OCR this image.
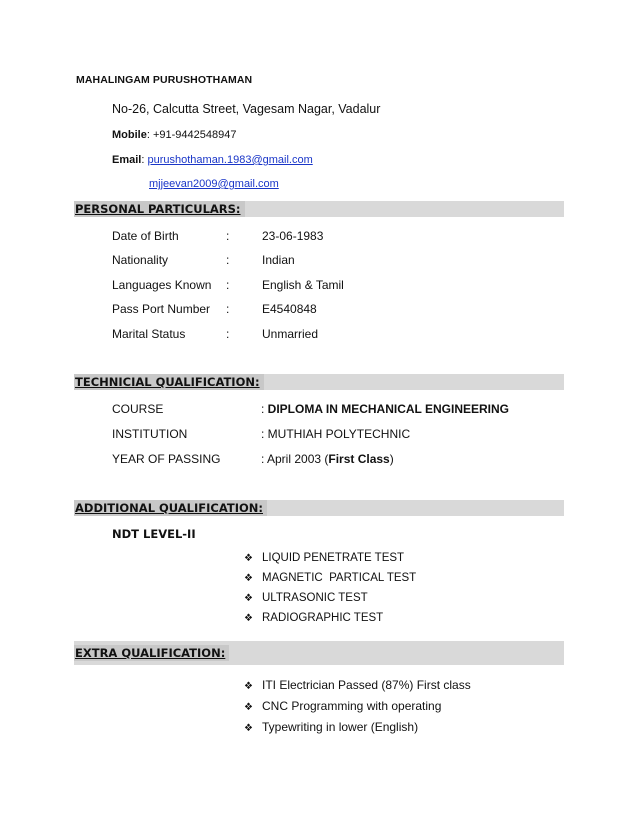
MAHALINGAM PURUSHOTHAMAN
No-26, Calcutta Street, Vagesam Nagar, Vadalur
Mobile: +91-9442548947
Email: purushothaman.1983@gmail.com
mjjeevan2009@gmail.com
PERSONAL PARTICULARS:
Date of Birth	:	23-06-1983
Nationality	:	Indian
Languages Known :	English & Tamil
Pass Port Number :	E4540848
Marital Status	:	Unmarried
TECHNICIAL QUALIFICATION:
COURSE	: DIPLOMA IN MECHANICAL ENGINEERING
INSTITUTION	: MUTHIAH POLYTECHNIC
YEAR OF PASSING	: April 2003 (First Class)
ADDITIONAL QUALIFICATION:
NDT LEVEL-II
❖ LIQUID PENETRATE TEST
❖ MAGNETIC  PARTICAL TEST
❖ ULTRASONIC TEST
❖ RADIOGRAPHIC TEST
EXTRA QUALIFICATION:
❖ ITI Electrician Passed (87%) First class
❖ CNC Programming with operating
❖ Typewriting in lower (English)
